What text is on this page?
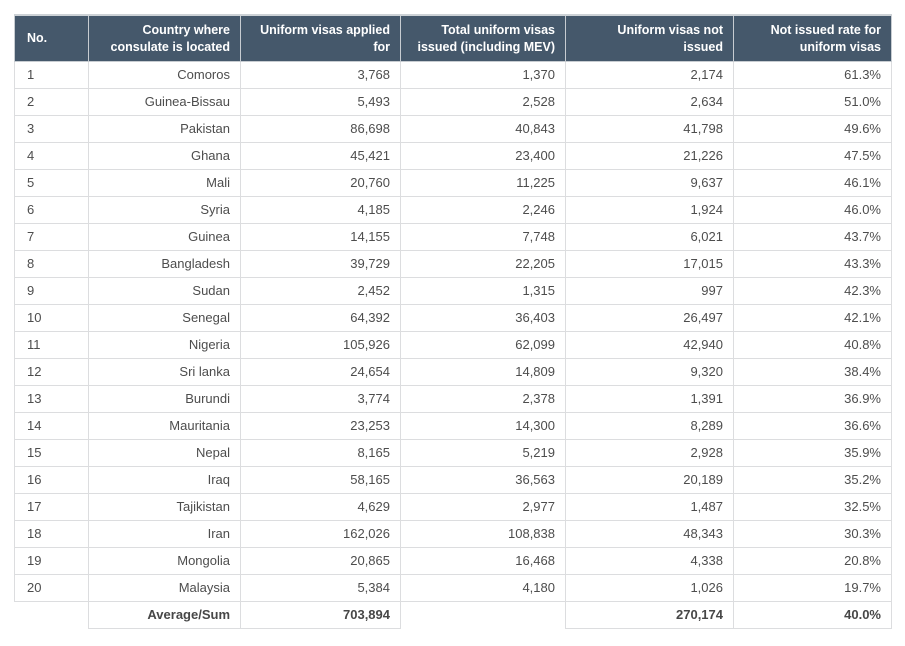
No.	Country where consulate is located	Uniform visas applied for	Total uniform visas issued (including MEV)	Uniform visas not issued	Not issued rate for uniform visas
1	Comoros	3,768	1,370	2,174	61.3%
2	Guinea-Bissau	5,493	2,528	2,634	51.0%
3	Pakistan	86,698	40,843	41,798	49.6%
4	Ghana	45,421	23,400	21,226	47.5%
5	Mali	20,760	11,225	9,637	46.1%
6	Syria	4,185	2,246	1,924	46.0%
7	Guinea	14,155	7,748	6,021	43.7%
8	Bangladesh	39,729	22,205	17,015	43.3%
9	Sudan	2,452	1,315	997	42.3%
10	Senegal	64,392	36,403	26,497	42.1%
11	Nigeria	105,926	62,099	42,940	40.8%
12	Sri lanka	24,654	14,809	9,320	38.4%
13	Burundi	3,774	2,378	1,391	36.9%
14	Mauritania	23,253	14,300	8,289	36.6%
15	Nepal	8,165	5,219	2,928	35.9%
16	Iraq	58,165	36,563	20,189	35.2%
17	Tajikistan	4,629	2,977	1,487	32.5%
18	Iran	162,026	108,838	48,343	30.3%
19	Mongolia	20,865	16,468	4,338	20.8%
20	Malaysia	5,384	4,180	1,026	19.7%
	Average/Sum	703,894		270,174	40.0%
